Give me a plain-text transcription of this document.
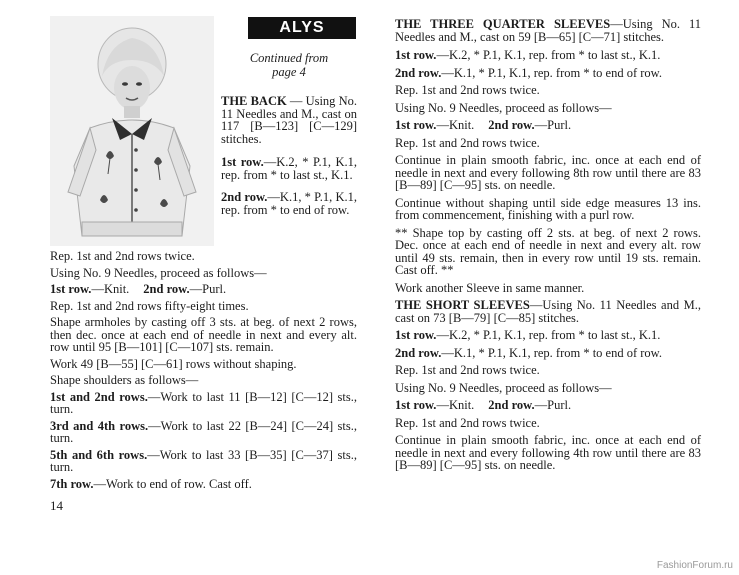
ALYS
Continued from
page 4

THE BACK — Using No. 11 Needles and M., cast on 117 [B—123] [C—129] stitches.

1st row.—K.2, * P.1, K.1, rep. from * to last st., K.1.

2nd row.—K.1, * P.1, K.1, rep. from * to end of row.

Rep. 1st and 2nd rows twice.

Using No. 9 Needles, proceed as follows—

1st row.—Knit. 2nd row.—Purl.

Rep. 1st and 2nd rows fifty-eight times.

Shape armholes by casting off 3 sts. at beg. of next 2 rows, then dec. once at each end of needle in next and every alt. row until 95 [B—101] [C—107] sts. remain.

Work 49 [B—55] [C—61] rows without shaping.

Shape shoulders as follows—

1st and 2nd rows.—Work to last 11 [B—12] [C—12] sts., turn.

3rd and 4th rows.—Work to last 22 [B—24] [C—24] sts., turn.

5th and 6th rows.—Work to last 33 [B—35] [C—37] sts., turn.

7th row.—Work to end of row. Cast off.

14

THE THREE QUARTER SLEEVES—Using No. 11 Needles and M., cast on 59 [B—65] [C—71] stitches.

1st row.—K.2, * P.1, K.1, rep. from * to last st., K.1.

2nd row.—K.1, * P.1, K.1, rep. from * to end of row.

Rep. 1st and 2nd rows twice.

Using No. 9 Needles, proceed as follows—

1st row.—Knit. 2nd row.—Purl.

Rep. 1st and 2nd rows twice.

Continue in plain smooth fabric, inc. once at each end of needle in next and every following 8th row until there are 83 [B—89] [C—95] sts. on needle.

Continue without shaping until side edge measures 13 ins. from commencement, finishing with a purl row.

** Shape top by casting off 2 sts. at beg. of next 2 rows. Dec. once at each end of needle in next and every alt. row until 49 sts. remain, then in every row until 19 sts. remain. Cast off. **

Work another Sleeve in same manner.

THE SHORT SLEEVES—Using No. 11 Needles and M., cast on 73 [B—79] [C—85] stitches.

1st row.—K.2, * P.1, K.1, rep. from * to last st., K.1.

2nd row.—K.1, * P.1, K.1, rep. from * to end of row.

Rep. 1st and 2nd rows twice.

Using No. 9 Needles, proceed as follows—

1st row.—Knit. 2nd row.—Purl.

Rep. 1st and 2nd rows twice.

Continue in plain smooth fabric, inc. once at each end of needle in next and every following 4th row until there are 83 [B—89] [C—95] sts. on needle.

FashionForum.ru
